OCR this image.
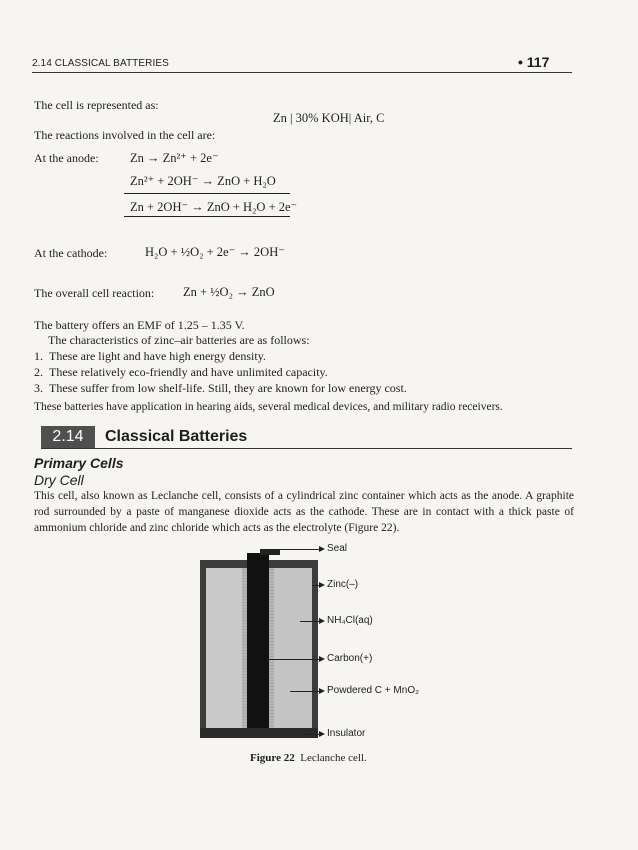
2.14 CLASSICAL BATTERIES	• 117
The cell is represented as:
Zn | 30% KOH| Air, C
The reactions involved in the cell are:
At the anode:	Zn → Zn²⁺ + 2e⁻
Zn²⁺ + 2OH⁻ → ZnO + H₂O
Zn + 2OH⁻ → ZnO + H₂O + 2e⁻
At the cathode:	H₂O + ½O₂ + 2e⁻ → 2OH⁻
The overall cell reaction: Zn + ½O₂ → ZnO
The battery offers an EMF of 1.25 – 1.35 V.
The characteristics of zinc–air batteries are as follows:
1. These are light and have high energy density.
2. These relatively eco-friendly and have unlimited capacity.
3. These suffer from low shelf-life. Still, they are known for low energy cost.
These batteries have application in hearing aids, several medical devices, and military radio receivers.
2.14	Classical Batteries
Primary Cells
Dry Cell
This cell, also known as Leclanche cell, consists of a cylindrical zinc container which acts as the anode. A graphite rod surrounded by a paste of manganese dioxide acts as the cathode. These are in contact with a thick paste of ammonium chloride and zinc chloride which acts as the electrolyte (Figure 22).
Seal
Zinc(–)
NH₄Cl(aq)
Carbon(+)
Powdered C + MnO₂
Insulator
Figure 22 Leclanche cell.
